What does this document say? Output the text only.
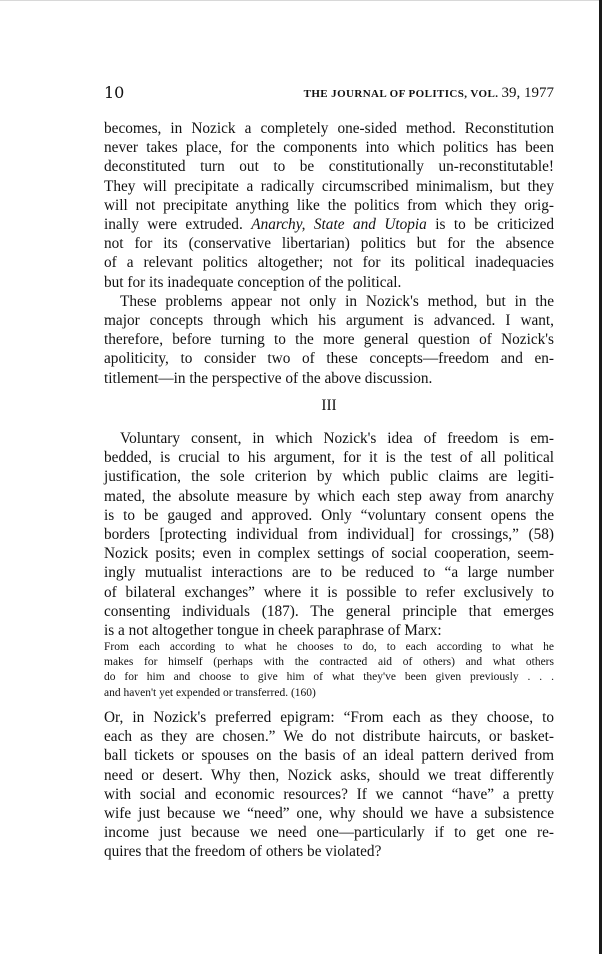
10	THE JOURNAL OF POLITICS, VOL. 39, 1977
becomes, in Nozick a completely one-sided method. Reconstitution
never takes place, for the components into which politics has been
deconstituted turn out to be constitutionally un-reconstitutable!
They will precipitate a radically circumscribed minimalism, but they
will not precipitate anything like the politics from which they orig-
inally were extruded. Anarchy, State and Utopia is to be criticized
not for its (conservative libertarian) politics but for the absence
of a relevant politics altogether; not for its political inadequacies
but for its inadequate conception of the political.
These problems appear not only in Nozick's method, but in the
major concepts through which his argument is advanced. I want,
therefore, before turning to the more general question of Nozick's
apoliticity, to consider two of these concepts—freedom and en-
titlement—in the perspective of the above discussion.
III
Voluntary consent, in which Nozick's idea of freedom is em-
bedded, is crucial to his argument, for it is the test of all political
justification, the sole criterion by which public claims are legiti-
mated, the absolute measure by which each step away from anarchy
is to be gauged and approved. Only “voluntary consent opens the
borders [protecting individual from individual] for crossings,” (58)
Nozick posits; even in complex settings of social cooperation, seem-
ingly mutualist interactions are to be reduced to “a large number
of bilateral exchanges” where it is possible to refer exclusively to
consenting individuals (187). The general principle that emerges
is a not altogether tongue in cheek paraphrase of Marx:
From each according to what he chooses to do, to each according to what he
makes for himself (perhaps with the contracted aid of others) and what others
do for him and choose to give him of what they've been given previously . . .
and haven't yet expended or transferred. (160)
Or, in Nozick's preferred epigram: “From each as they choose, to
each as they are chosen.” We do not distribute haircuts, or basket-
ball tickets or spouses on the basis of an ideal pattern derived from
need or desert. Why then, Nozick asks, should we treat differently
with social and economic resources? If we cannot “have” a pretty
wife just because we “need” one, why should we have a subsistence
income just because we need one—particularly if to get one re-
quires that the freedom of others be violated?
